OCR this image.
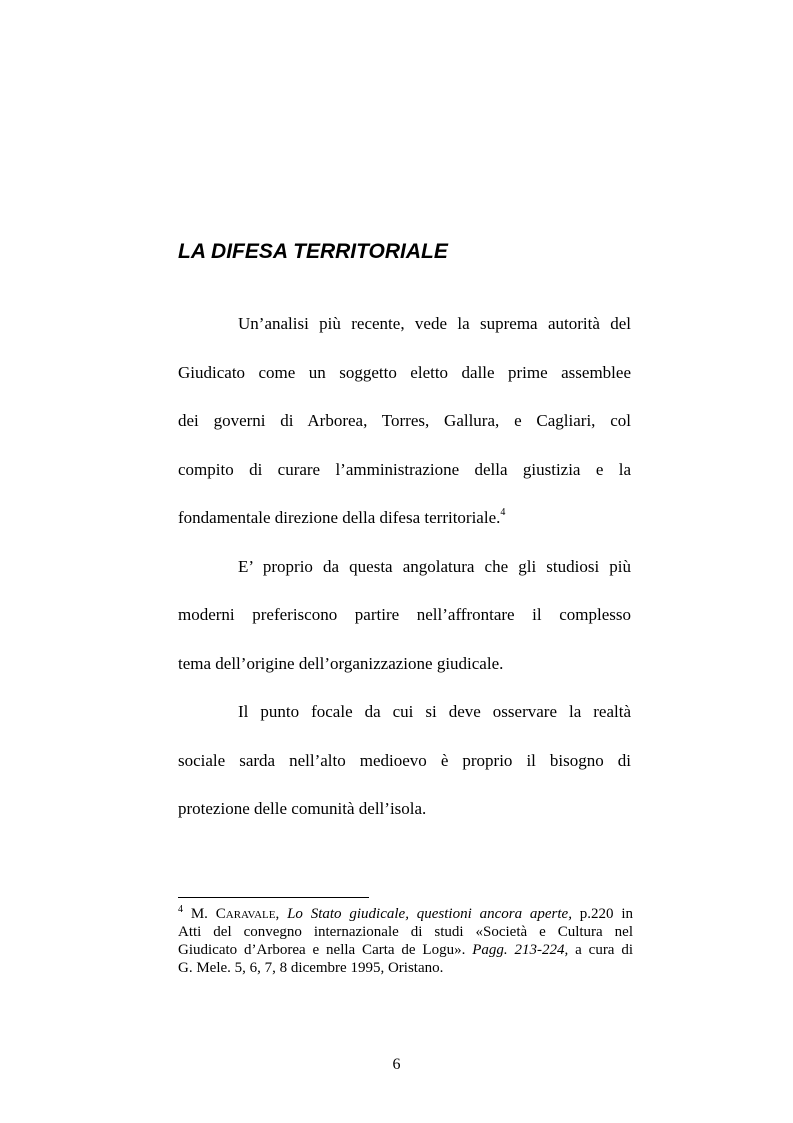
LA DIFESA TERRITORIALE
Un’analisi più recente, vede la suprema autorità del
Giudicato come un soggetto eletto dalle prime assemblee
dei governi di Arborea, Torres, Gallura, e Cagliari, col
compito di curare l’amministrazione della giustizia e la
fondamentale direzione della difesa territoriale.$^4$
E’ proprio da questa angolatura che gli studiosi più
moderni preferiscono partire nell’affrontare il complesso
tema dell’origine dell’organizzazione giudicale.
Il punto focale da cui si deve osservare la realtà
sociale sarda nell’alto medioevo è proprio il bisogno di
protezione delle comunità dell’isola.
$^4$ M. Caravale, Lo Stato giudicale, questioni ancora aperte, p.220 in
Atti del convegno internazionale di studi «Società e Cultura nel
Giudicato d’Arborea e nella Carta de Logu». Pagg. 213-224, a cura di
G. Mele. 5, 6, 7, 8 dicembre 1995, Oristano.
6
